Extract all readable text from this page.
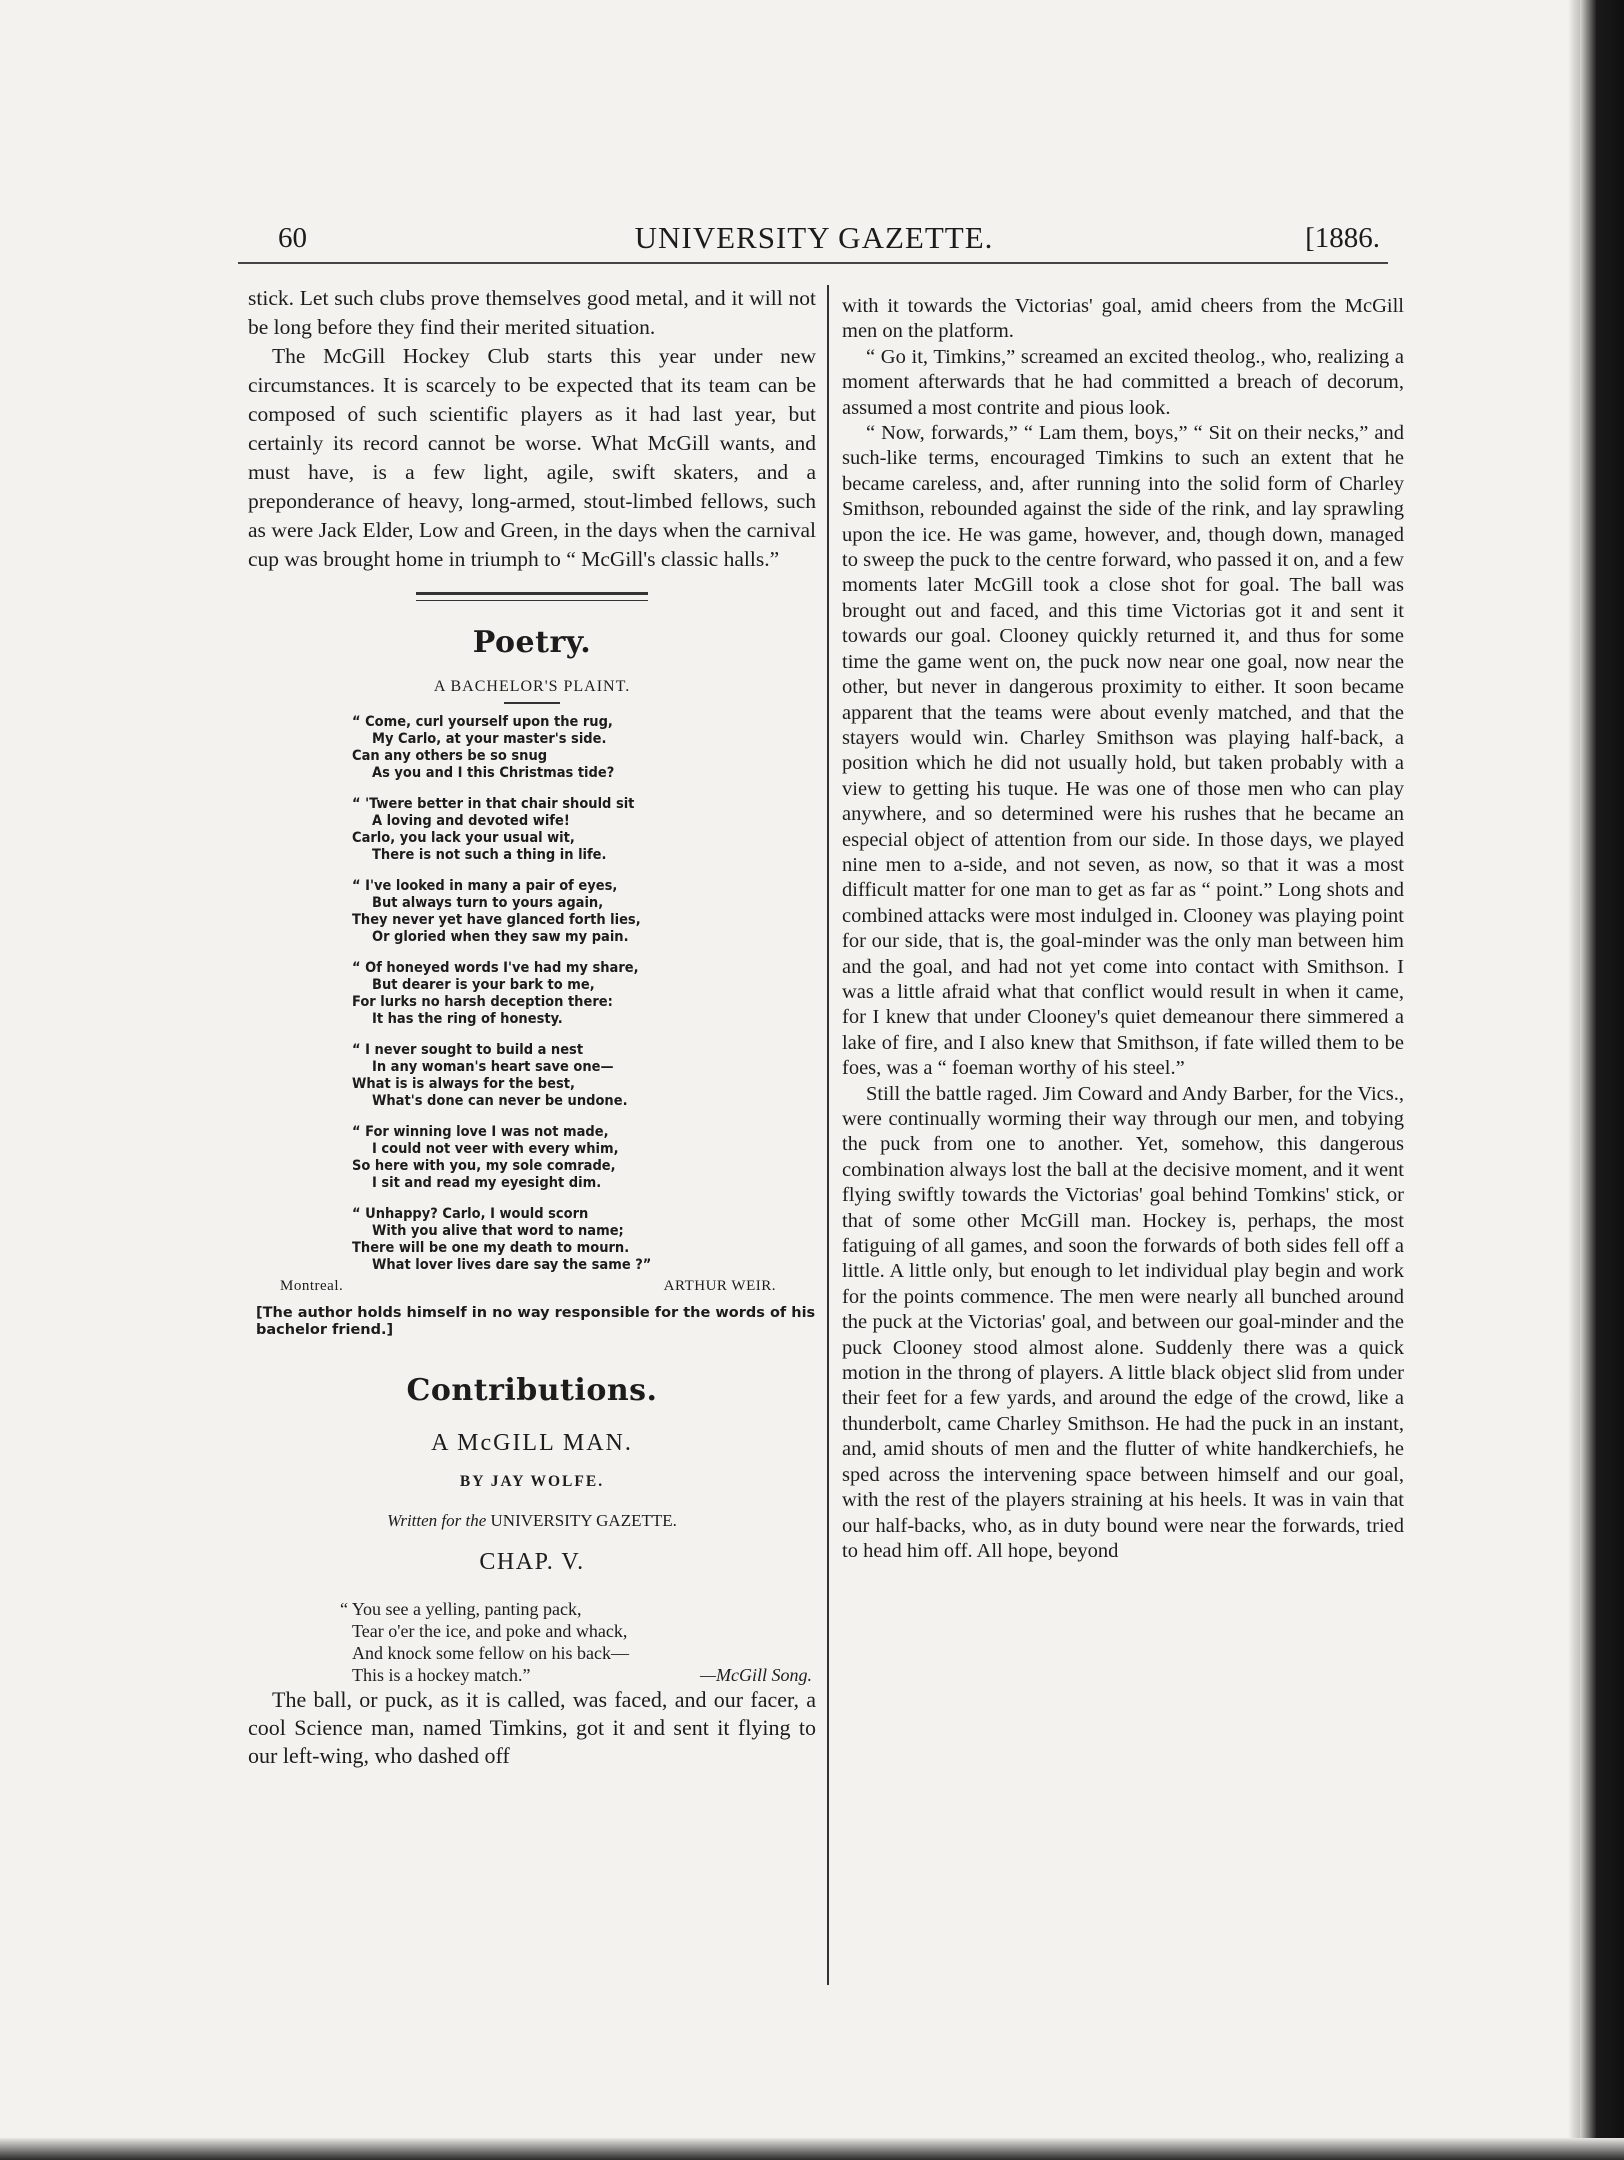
60	UNIVERSITY GAZETTE.	[1886.

stick. Let such clubs prove themselves good metal, and it will not be long before they find their merited situation.

The McGill Hockey Club starts this year under new circumstances. It is scarcely to be expected that its team can be composed of such scientific players as it had last year, but certainly its record cannot be worse. What McGill wants, and must have, is a few light, agile, swift skaters, and a preponderance of heavy, long-armed, stout-limbed fellows, such as were Jack Elder, Low and Green, in the days when the carnival cup was brought home in triumph to “ McGill's classic halls.”

Poetry.
A BACHELOR'S PLAINT.
“ Come, curl yourself upon the rug,
My Carlo, at your master's side.
Can any others be so snug
As you and I this Christmas tide?
“ 'Twere better in that chair should sit
A loving and devoted wife!
Carlo, you lack your usual wit,
There is not such a thing in life.
“ I've looked in many a pair of eyes,
But always turn to yours again,
They never yet have glanced forth lies,
Or gloried when they saw my pain.
“ Of honeyed words I've had my share,
But dearer is your bark to me,
For lurks no harsh deception there:
It has the ring of honesty.
“ I never sought to build a nest
In any woman's heart save one—
What is is always for the best,
What's done can never be undone.
“ For winning love I was not made,
I could not veer with every whim,
So here with you, my sole comrade,
I sit and read my eyesight dim.
“ Unhappy? Carlo, I would scorn
With you alive that word to name;
There will be one my death to mourn.
What lover lives dare say the same ?”
Montreal.	ARTHUR WEIR.
[The author holds himself in no way responsible for the words of his bachelor friend.]
Contributions.
A McGILL MAN.
BY JAY WOLFE.
Written for the UNIVERSITY GAZETTE.
CHAP. V.
“ You see a yelling, panting pack,
Tear o'er the ice, and poke and whack,
And knock some fellow on his back—
This is a hockey match.”	—McGill Song.

The ball, or puck, as it is called, was faced, and our facer, a cool Science man, named Timkins, got it and sent it flying to our left-wing, who dashed off

with it towards the Victorias' goal, amid cheers from the McGill men on the platform.

“ Go it, Timkins,” screamed an excited theolog., who, realizing a moment afterwards that he had committed a breach of decorum, assumed a most contrite and pious look.

“ Now, forwards,” “ Lam them, boys,” “ Sit on their necks,” and such-like terms, encouraged Timkins to such an extent that he became careless, and, after running into the solid form of Charley Smithson, rebounded against the side of the rink, and lay sprawling upon the ice. He was game, however, and, though down, managed to sweep the puck to the centre forward, who passed it on, and a few moments later McGill took a close shot for goal. The ball was brought out and faced, and this time Victorias got it and sent it towards our goal. Clooney quickly returned it, and thus for some time the game went on, the puck now near one goal, now near the other, but never in dangerous proximity to either. It soon became apparent that the teams were about evenly matched, and that the stayers would win. Charley Smithson was playing half-back, a position which he did not usually hold, but taken probably with a view to getting his tuque. He was one of those men who can play anywhere, and so determined were his rushes that he became an especial object of attention from our side. In those days, we played nine men to a-side, and not seven, as now, so that it was a most difficult matter for one man to get as far as “ point.” Long shots and combined attacks were most indulged in. Clooney was playing point for our side, that is, the goal-minder was the only man between him and the goal, and had not yet come into contact with Smithson. I was a little afraid what that conflict would result in when it came, for I knew that under Clooney's quiet demeanour there simmered a lake of fire, and I also knew that Smithson, if fate willed them to be foes, was a “ foeman worthy of his steel.”

Still the battle raged. Jim Coward and Andy Barber, for the Vics., were continually worming their way through our men, and tobying the puck from one to another. Yet, somehow, this dangerous combination always lost the ball at the decisive moment, and it went flying swiftly towards the Victorias' goal behind Tomkins' stick, or that of some other McGill man. Hockey is, perhaps, the most fatiguing of all games, and soon the forwards of both sides fell off a little. A little only, but enough to let individual play begin and work for the points commence. The men were nearly all bunched around the puck at the Victorias' goal, and between our goal-minder and the puck Clooney stood almost alone. Suddenly there was a quick motion in the throng of players. A little black object slid from under their feet for a few yards, and around the edge of the crowd, like a thunderbolt, came Charley Smithson. He had the puck in an instant, and, amid shouts of men and the flutter of white handkerchiefs, he sped across the intervening space between himself and our goal, with the rest of the players straining at his heels. It was in vain that our half-backs, who, as in duty bound were near the forwards, tried to head him off. All hope, beyond
